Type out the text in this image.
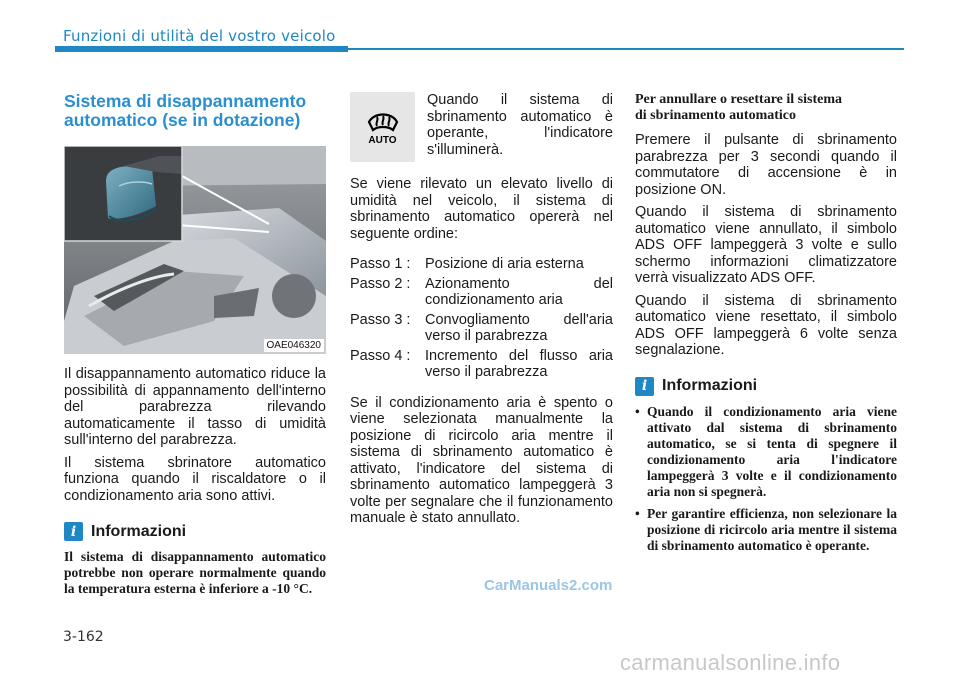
Funzioni di utilità del vostro veicolo
Sistema di disappannamento
automatico (se in dotazione)
OAE046320

Il disappannamento automatico riduce la possibilità di appannamento dell'interno del parabrezza rilevando automaticamente il tasso di umidità sull'interno del parabrezza.

Il sistema sbrinatore automatico funziona quando il riscaldatore o il condizionamento aria sono attivi.

i Informazioni

Il sistema di disappannamento automatico potrebbe non operare normalmente quando la temperatura esterna è inferiore a -10 °C.

AUTO
Quando il sistema di sbrinamento automatico è operante, l'indicatore s'illuminerà.

Se viene rilevato un elevato livello di umidità nel veicolo, il sistema di sbrinamento automatico opererà nel seguente ordine:

Passo 1 :	Posizione di aria esterna
Passo 2 :	Azionamento del condizionamento aria
Passo 3 :	Convogliamento dell'aria verso il parabrezza
Passo 4 :	Incremento del flusso aria verso il parabrezza

Se il condizionamento aria è spento o viene selezionata manualmente la posizione di ricircolo aria mentre il sistema di sbrinamento automatico è attivato, l'indicatore del sistema di sbrinamento automatico lampeggerà 3 volte per segnalare che il funzionamento manuale è stato annullato.

Per annullare o resettare il sistema
di sbrinamento automatico

Premere il pulsante di sbrinamento parabrezza per 3 secondi quando il commutatore di accensione è in posizione ON.

Quando il sistema di sbrinamento automatico viene annullato, il simbolo ADS OFF lampeggerà 3 volte e sullo schermo informazioni climatizzatore verrà visualizzato ADS OFF.

Quando il sistema di sbrinamento automatico viene resettato, il simbolo ADS OFF lampeggerà 6 volte senza segnalazione.

i Informazioni
• Quando il condizionamento aria viene attivato dal sistema di sbrinamento automatico, se si tenta di spegnere il condizionamento aria l'indicatore lampeggerà 3 volte e il condizionamento aria non si spegnerà.
• Per garantire efficienza, non selezionare la posizione di ricircolo aria mentre il sistema di sbrinamento automatico è operante.
3-162
CarManuals2.com
carmanualsonline.info
